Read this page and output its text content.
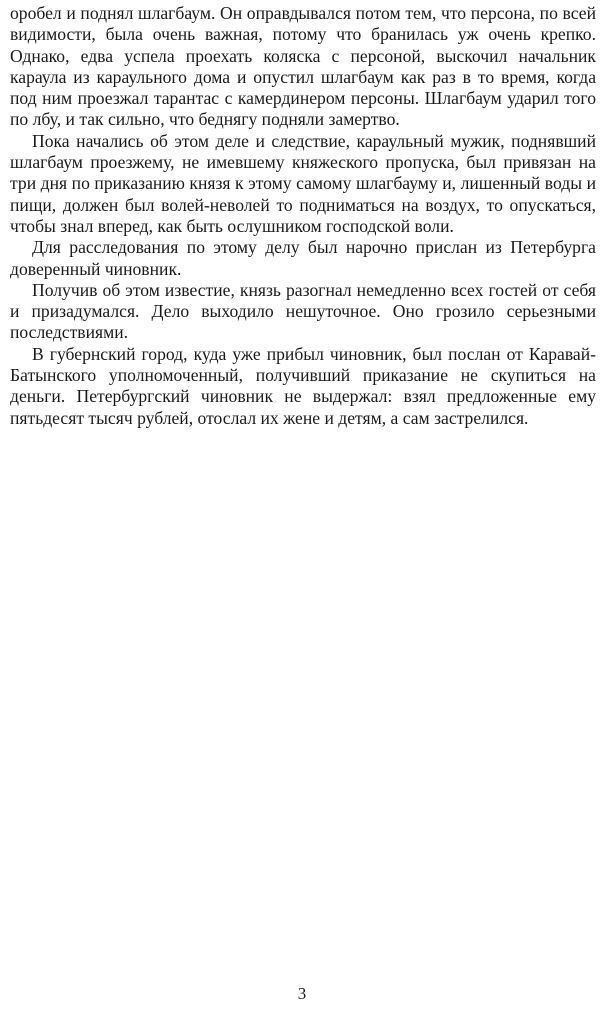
оробел и поднял шлагбаум. Он оправдывался потом тем, что персона, по всей видимости, была очень важная, потому что бранилась уж очень крепко. Однако, едва успела проехать коляска с персоной, выскочил начальник караула из караульного дома и опустил шлагбаум как раз в то время, когда под ним проезжал тарантас с камердинером персоны. Шлагбаум ударил того по лбу, и так сильно, что беднягу подняли замертво.

Пока начались об этом деле и следствие, караульный мужик, поднявший шлагбаум проезжему, не имевшему княжеского пропуска, был привязан на три дня по приказанию князя к этому самому шлагбауму и, лишенный воды и пищи, должен был волей-неволей то подниматься на воздух, то опускаться, чтобы знал вперед, как быть ослушником господской воли.

Для расследования по этому делу был нарочно прислан из Петербурга доверенный чиновник.

Получив об этом известие, князь разогнал немедленно всех гостей от себя и призадумался. Дело выходило нешуточное. Оно грозило серьезными последствиями.

В губернский город, куда уже прибыл чиновник, был послан от Каравай-Батынского уполномоченный, получивший приказание не скупиться на деньги. Петербургский чиновник не выдержал: взял предложенные ему пятьдесят тысяч рублей, отослал их жене и детям, а сам застрелился.

3
